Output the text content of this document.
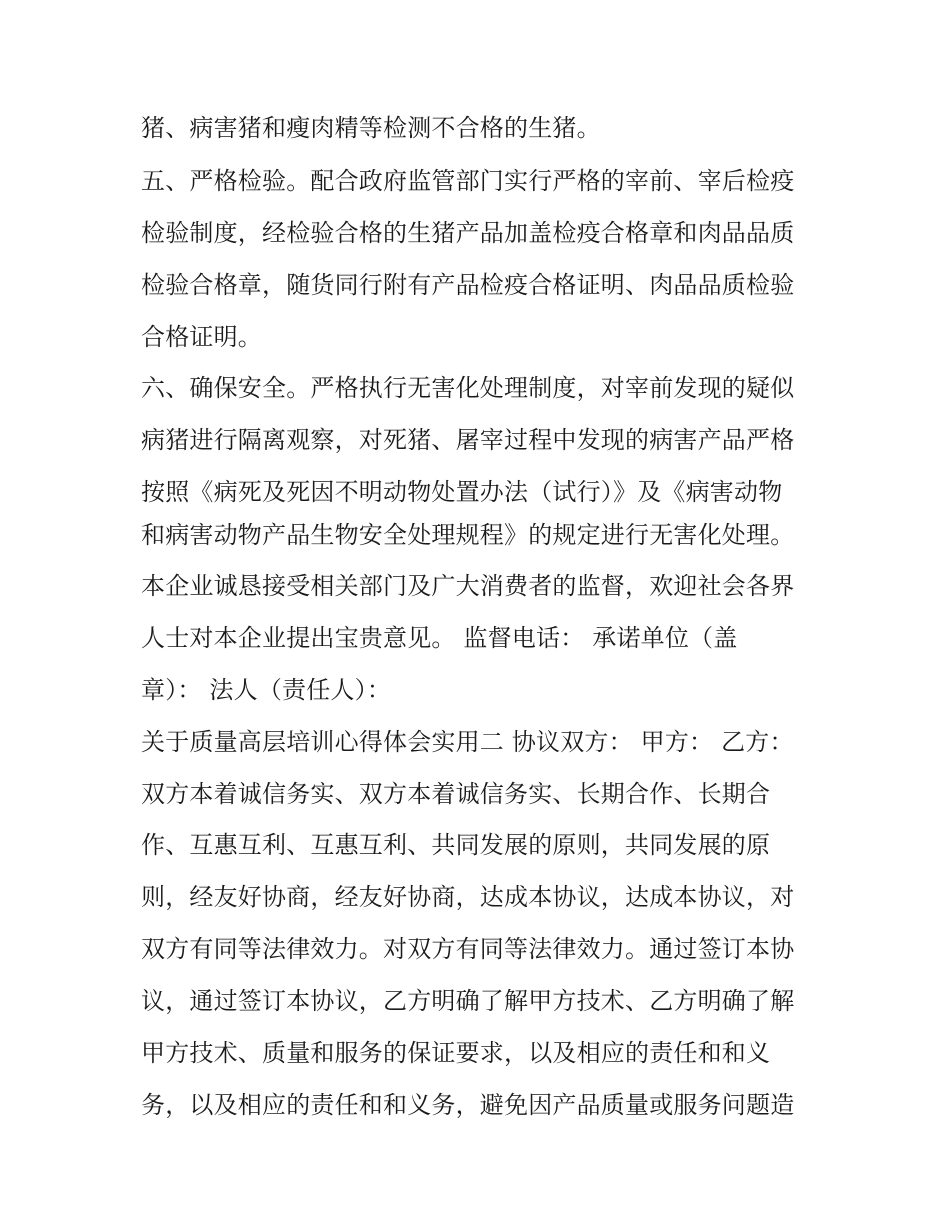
猪、病害猪和瘦肉精等检测不合格的生猪。

五、严格检验。配合政府监管部门实行严格的宰前、宰后检疫

检验制度，经检验合格的生猪产品加盖检疫合格章和肉品品质

检验合格章，随货同行附有产品检疫合格证明、肉品品质检验

合格证明。

六、确保安全。严格执行无害化处理制度，对宰前发现的疑似

病猪进行隔离观察，对死猪、屠宰过程中发现的病害产品严格

按照《病死及死因不明动物处置办法（试行）》及《病害动物

和病害动物产品生物安全处理规程》的规定进行无害化处理。

本企业诚恳接受相关部门及广大消费者的监督，欢迎社会各界

人士对本企业提出宝贵意见。 监督电话： 承诺单位（盖

章）： 法人（责任人）：

关于质量高层培训心得体会实用二 协议双方： 甲方： 乙方：

双方本着诚信务实、双方本着诚信务实、长期合作、长期合

作、互惠互利、互惠互利、共同发展的原则，共同发展的原

则，经友好协商，经友好协商，达成本协议，达成本协议，对

双方有同等法律效力。对双方有同等法律效力。通过签订本协

议，通过签订本协议，乙方明确了解甲方技术、乙方明确了解

甲方技术、质量和服务的保证要求，以及相应的责任和和义

务，以及相应的责任和和义务，避免因产品质量或服务问题造
